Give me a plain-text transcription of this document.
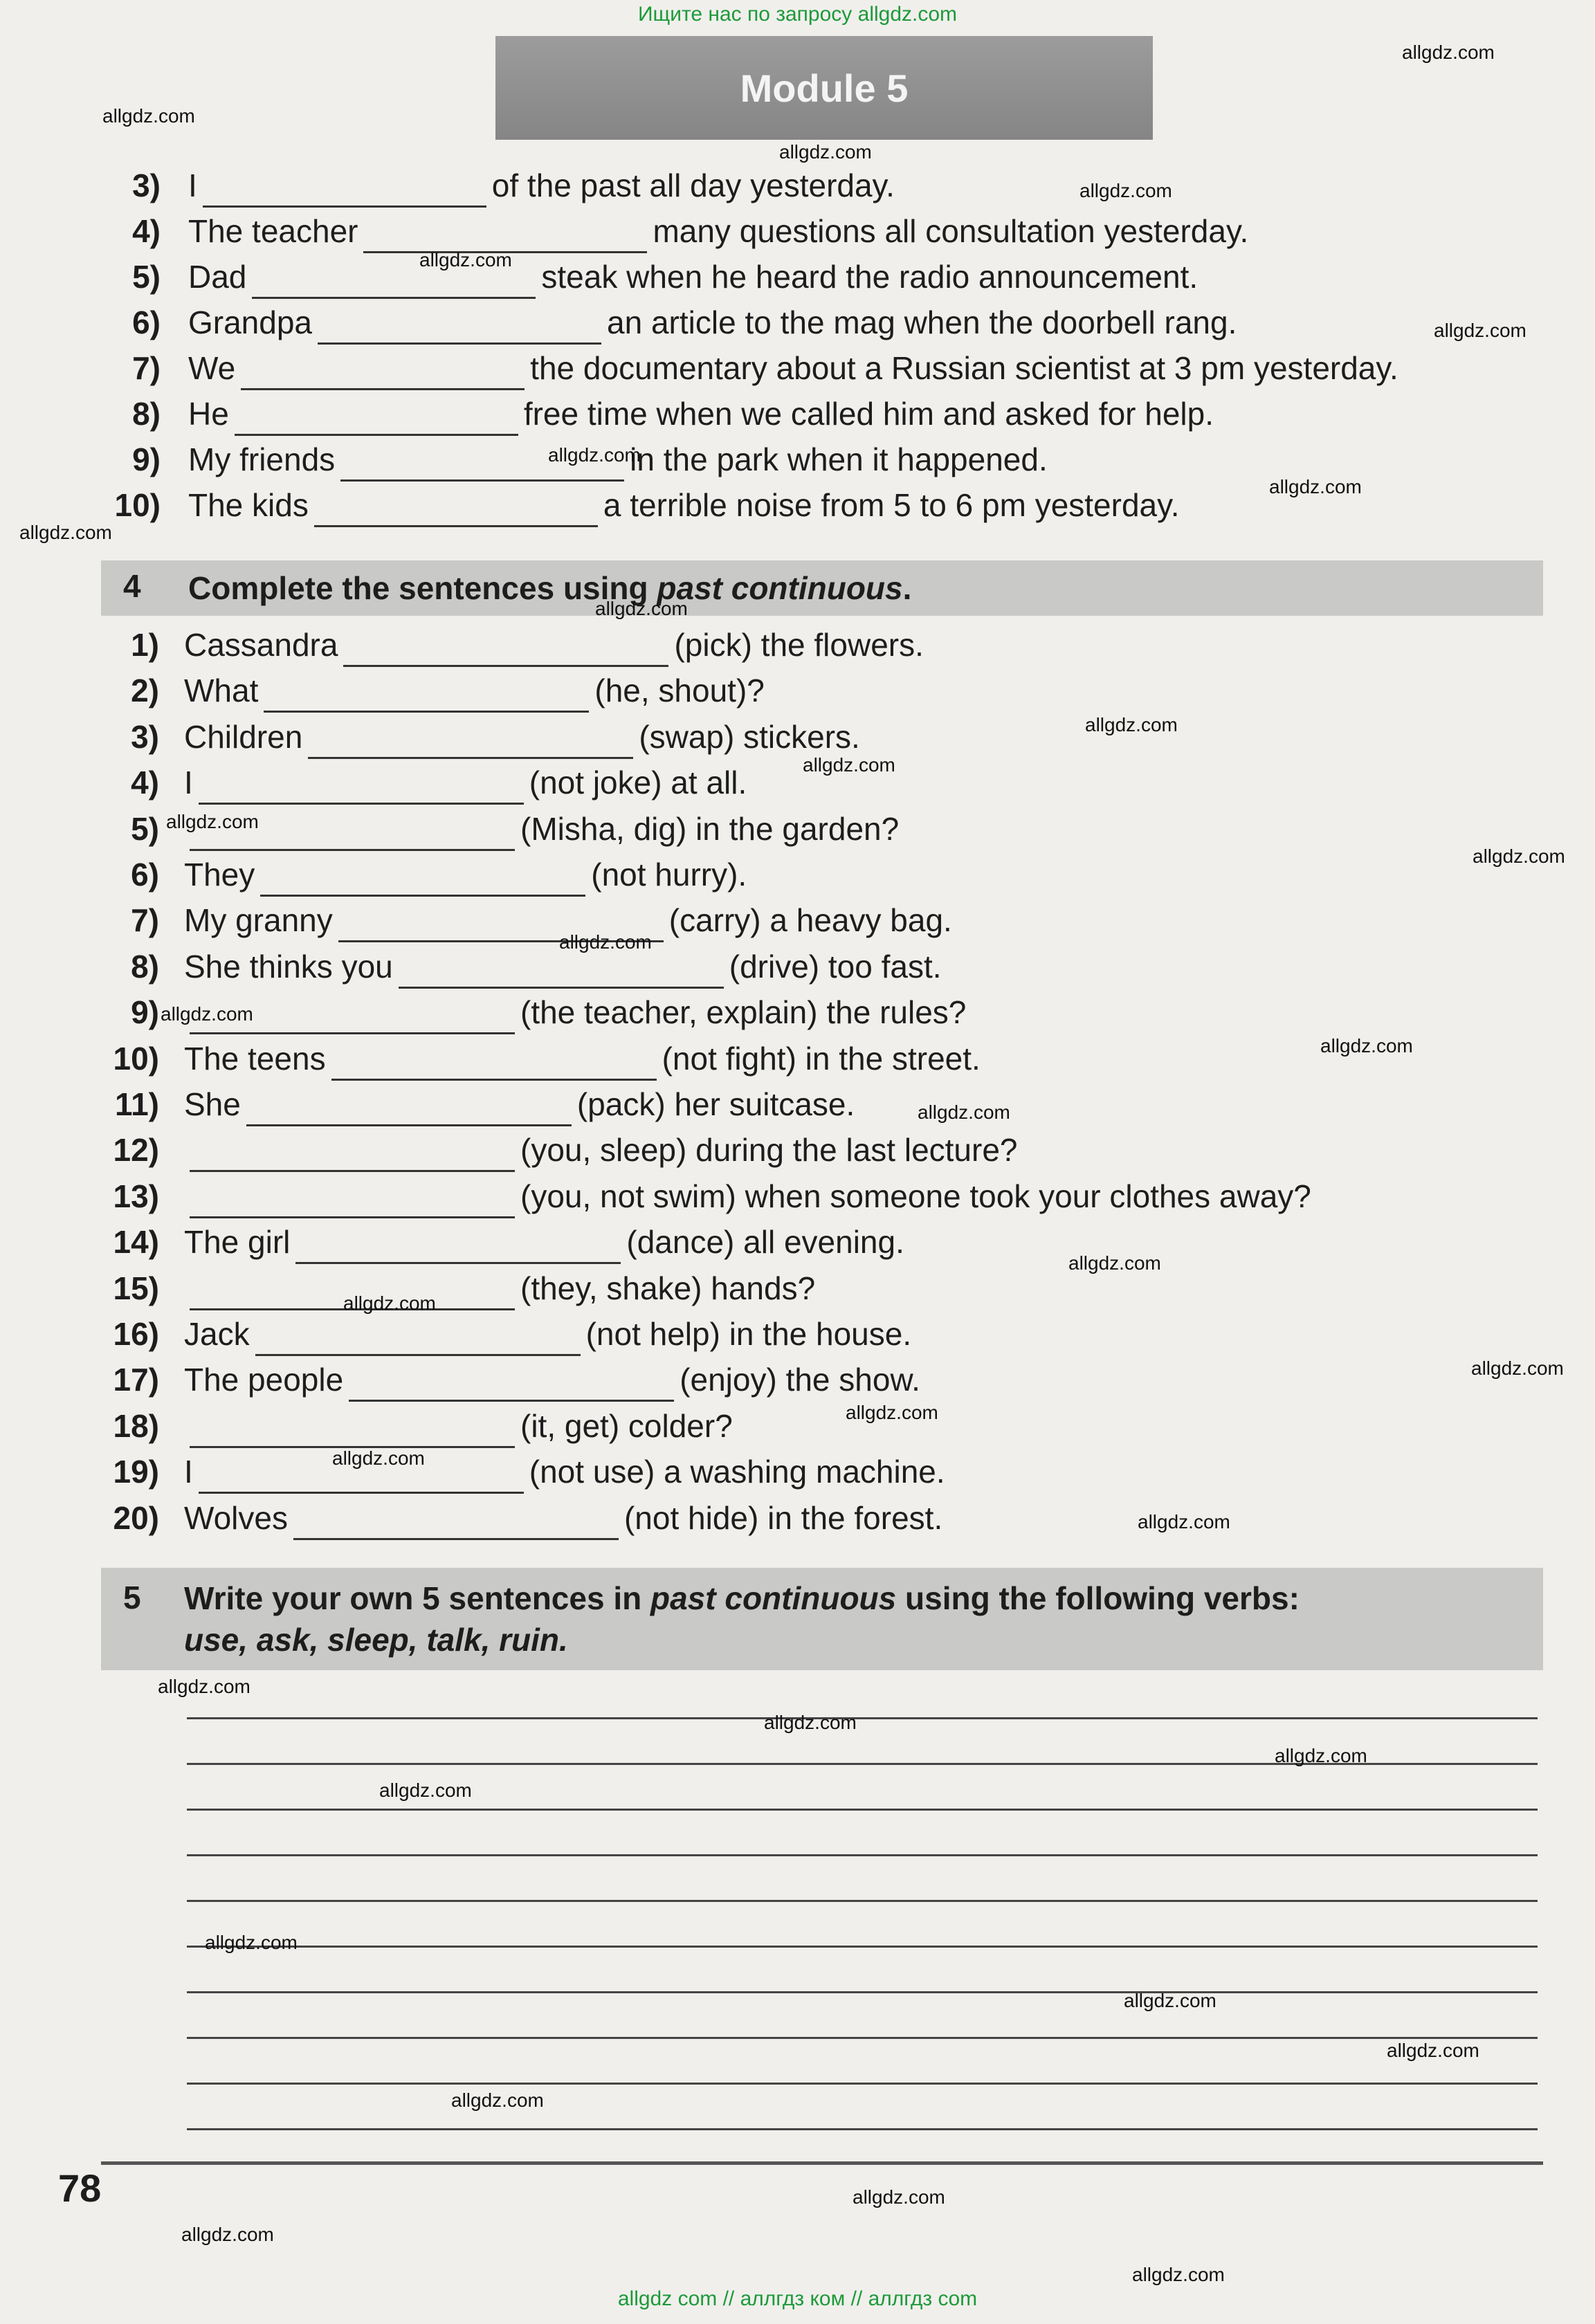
Ищите нас по запросу allgdz.com
Module 5
3) I	of the past all day yesterday.
4) The teacher	many questions all consultation yesterday.
5) Dad	steak when he heard the radio announcement.
6) Grandpa	an article to the mag when the doorbell rang.
7) We	the documentary about a Russian scientist at 3 pm yesterday.
8) He	free time when we called him and asked for help.
9) My friends	in the park when it happened.
10) The kids	a terrible noise from 5 to 6 pm yesterday.
4 Complete the sentences using past continuous.
1) Cassandra	(pick) the flowers.
2) What	(he, shout)?
3) Children	(swap) stickers.
4) I	(not joke) at all.
5)	(Misha, dig) in the garden?
6) They	(not hurry).
7) My granny	(carry) a heavy bag.
8) She thinks you	(drive) too fast.
9)	(the teacher, explain) the rules?
10) The teens	(not fight) in the street.
11) She	(pack) her suitcase.
12)	(you, sleep) during the last lecture?
13)	(you, not swim) when someone took your clothes away?
14) The girl	(dance) all evening.
15)	(they, shake) hands?
16) Jack	(not help) in the house.
17) The people	(enjoy) the show.
18)	(it, get) colder?
19) I	(not use) a washing machine.
20) Wolves	(not hide) in the forest.
5 Write your own 5 sentences in past continuous using the following verbs:
use, ask, sleep, talk, ruin.
78
allgdz.com
allgdz.com
allgdz.com
allgdz.com
allgdz.com
allgdz.com
allgdz.com
allgdz.com
allgdz.com
allgdz.com
allgdz.com
allgdz.com
allgdz.com
allgdz.com
allgdz.com
allgdz.com
allgdz.com
allgdz.com
allgdz.com
allgdz.com
allgdz.com
allgdz.com
allgdz.com
allgdz.com
allgdz.com
allgdz.com
allgdz.com
allgdz.com
allgdz.com
allgdz.com
allgdz.com
allgdz.com
allgdz.com
allgdz.com
allgdz.com
allgdz com // аллгдз ком // аллгдз com
